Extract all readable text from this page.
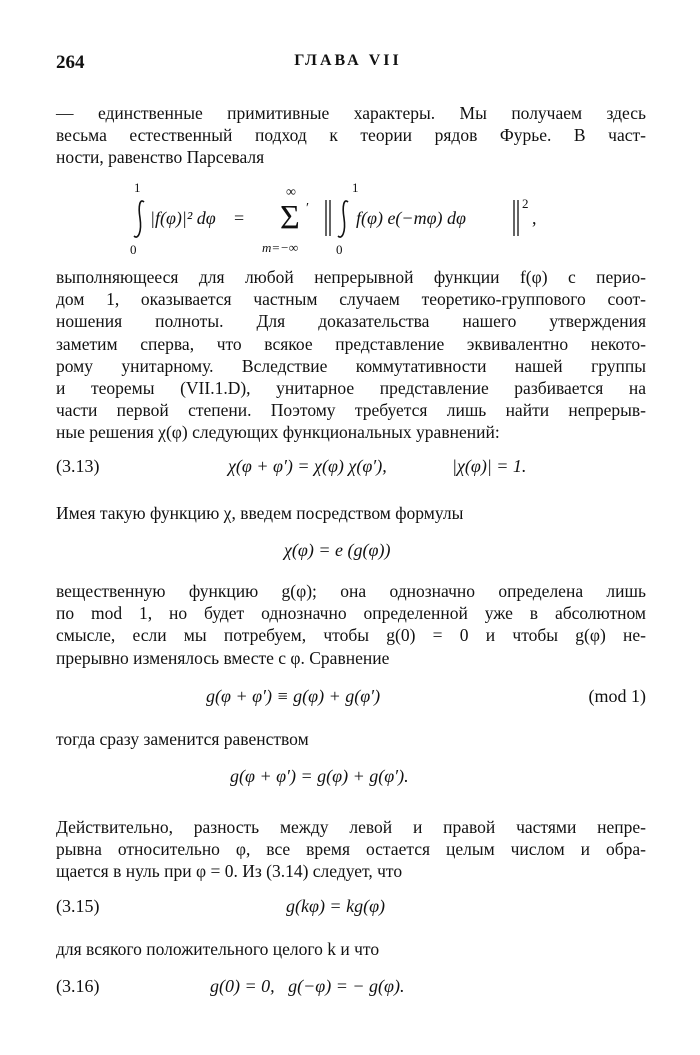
264	ГЛАВА VII

— единственные примитивные характеры. Мы получаем здесь
весьма естественный подход к теории рядов Фурье. В част-
ности, равенство Парсеваля

1
0
|f(φ)|² dφ =
∞
Σ ′
m=−∞
1
0
f(φ) e(−mφ) dφ
2
,

выполняющееся для любой непрерывной функции f(φ) с перио-
дом 1, оказывается частным случаем теоретико-группового соот-
ношения полноты. Для доказательства нашего утверждения
заметим сперва, что всякое представление эквивалентно некото-
рому унитарному. Вследствие коммутативности нашей группы
и теоремы (VII.1.D), унитарное представление разбивается на
части первой степени. Поэтому требуется лишь найти непрерыв-
ные решения χ(φ) следующих функциональных уравнений:

(3.13)	χ(φ + φ′) = χ(φ) χ(φ′),	|χ(φ)| = 1.

Имея такую функцию χ, введем посредством формулы

χ(φ) = e (g(φ))

вещественную функцию g(φ); она однозначно определена лишь
по mod 1, но будет однозначно определенной уже в абсолютном
смысле, если мы потребуем, чтобы g(0) = 0 и чтобы g(φ) не-
прерывно изменялось вместе с φ. Сравнение

g(φ + φ′) ≡ g(φ) + g(φ′)	(mod 1)

тогда сразу заменится равенством

g(φ + φ′) = g(φ) + g(φ′).

Действительно, разность между левой и правой частями непре-
рывна относительно φ, все время остается целым числом и обра-
щается в нуль при φ = 0. Из (3.14) следует, что

(3.15)	g(kφ) = kg(φ)

для всякого положительного целого k и что

(3.16)	g(0) = 0,   g(−φ) = − g(φ).
